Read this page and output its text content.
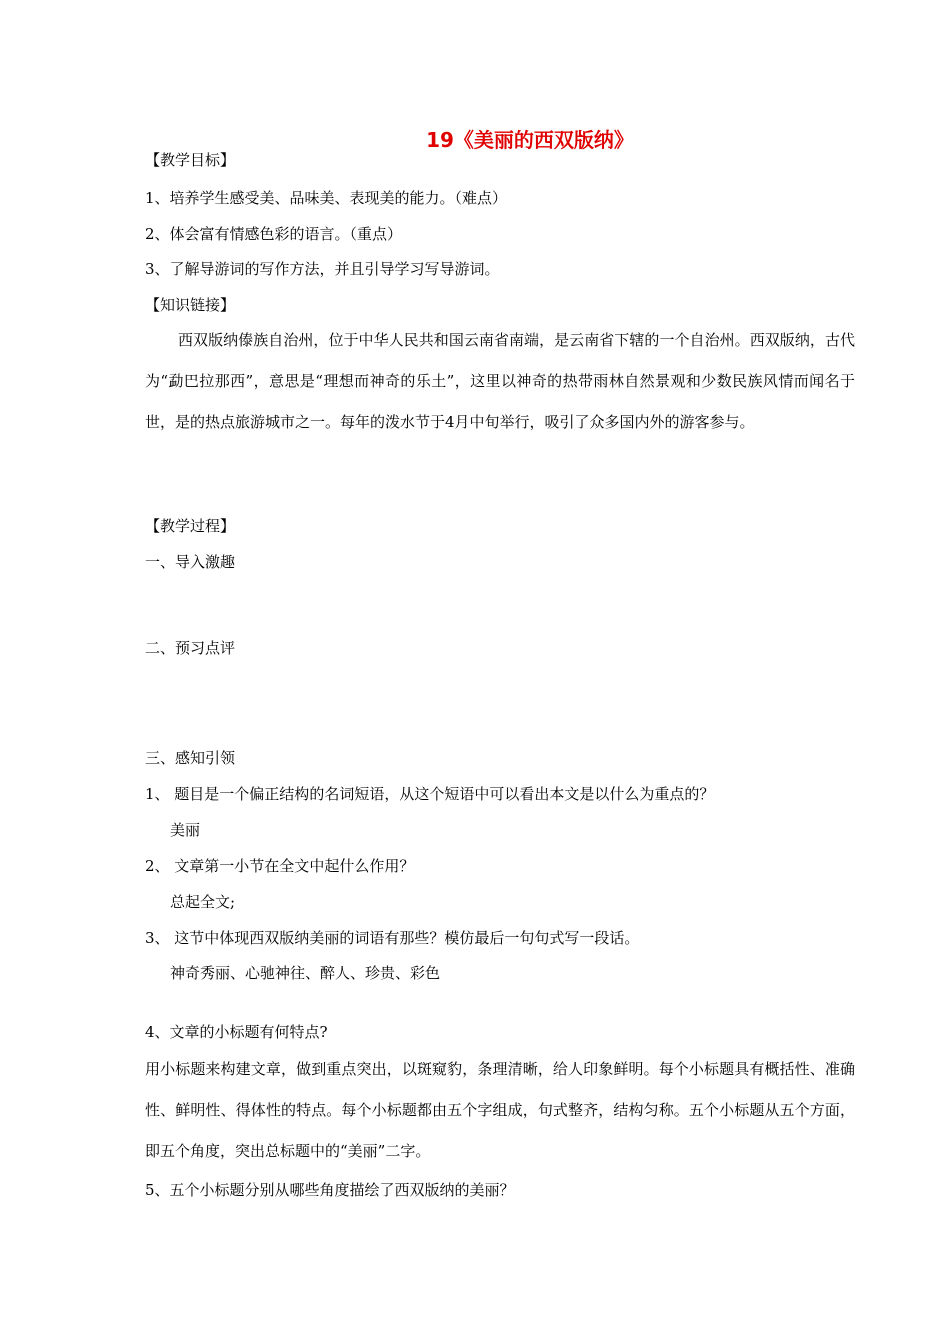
19《美丽的西双版纳》
【教学目标】
1、培养学生感受美、品味美、表现美的能力。（难点）
2、体会富有情感色彩的语言。（重点）
3、了解导游词的写作方法，并且引导学习写导游词。
【知识链接】
西双版纳傣族自治州，位于中华人民共和国云南省南端，是云南省下辖的一个自治州。西双版纳，古代为“勐巴拉那西”，意思是“理想而神奇的乐土”，这里以神奇的热带雨林自然景观和少数民族风情而闻名于世，是的热点旅游城市之一。每年的泼水节于4月中旬举行，吸引了众多国内外的游客参与。
【教学过程】
一、导入激趣
二、预习点评
三、感知引领
1、 题目是一个偏正结构的名词短语，从这个短语中可以看出本文是以什么为重点的？
美丽
2、 文章第一小节在全文中起什么作用？
总起全文;
3、 这节中体现西双版纳美丽的词语有那些？模仿最后一句句式写一段话。
神奇秀丽、心驰神往、醉人、珍贵、彩色
4、文章的小标题有何特点?
用小标题来构建文章，做到重点突出，以斑窥豹，条理清晰，给人印象鲜明。每个小标题具有概括性、准确性、鲜明性、得体性的特点。每个小标题都由五个字组成，句式整齐，结构匀称。五个小标题从五个方面，即五个角度，突出总标题中的“美丽”二字。
5、五个小标题分别从哪些角度描绘了西双版纳的美丽？
